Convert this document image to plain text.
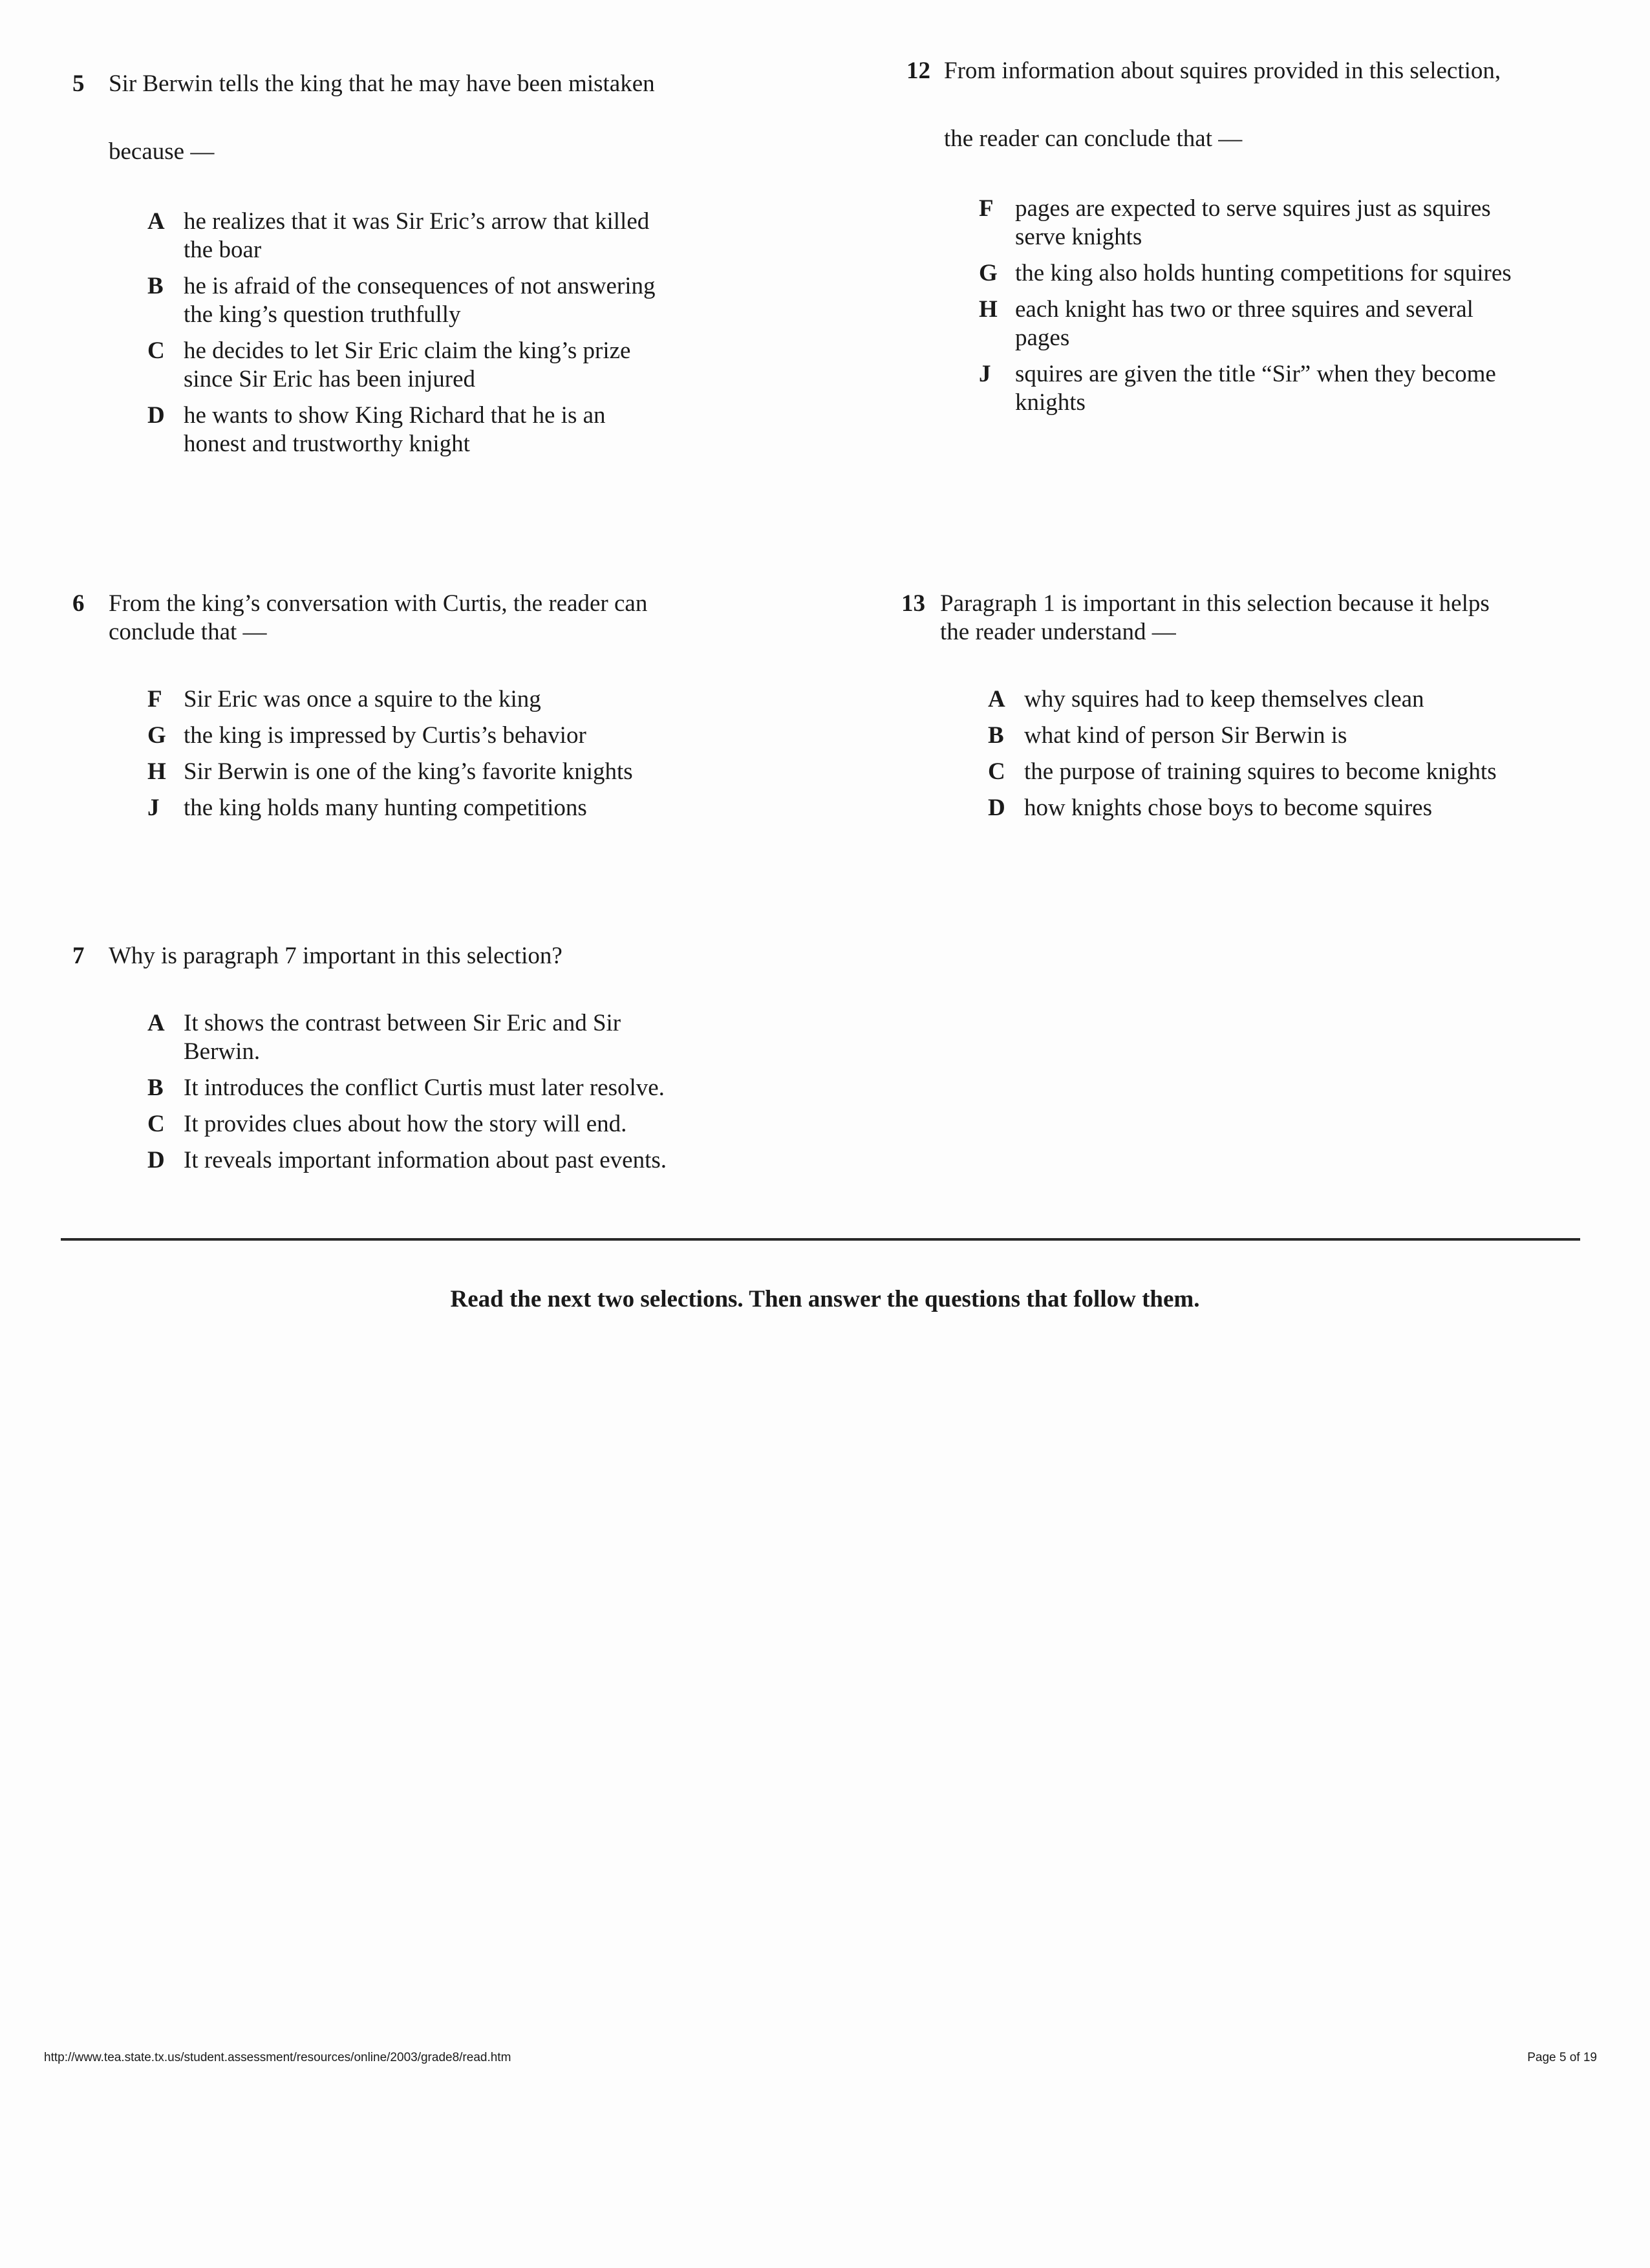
5 Sir Berwin tells the king that he may have been mistaken
because —
A he realizes that it was Sir Eric’s arrow that killed
the boar
B he is afraid of the consequences of not answering
the king’s question truthfully
C he decides to let Sir Eric claim the king’s prize
since Sir Eric has been injured
D he wants to show King Richard that he is an
honest and trustworthy knight
12 From information about squires provided in this selection,
the reader can conclude that —
F pages are expected to serve squires just as squires
serve knights
G the king also holds hunting competitions for squires
H each knight has two or three squires and several
pages
J squires are given the title “Sir” when they become
knights
6 From the king’s conversation with Curtis, the reader can
conclude that —
F Sir Eric was once a squire to the king
G the king is impressed by Curtis’s behavior
H Sir Berwin is one of the king’s favorite knights
J the king holds many hunting competitions
13 Paragraph 1 is important in this selection because it helps
the reader understand —
A why squires had to keep themselves clean
B what kind of person Sir Berwin is
C the purpose of training squires to become knights
D how knights chose boys to become squires
7 Why is paragraph 7 important in this selection?
A It shows the contrast between Sir Eric and Sir
Berwin.
B It introduces the conflict Curtis must later resolve.
C It provides clues about how the story will end.
D It reveals important information about past events.
Read the next two selections. Then answer the questions that follow them.
http://www.tea.state.tx.us/student.assessment/resources/online/2003/grade8/read.htm	Page 5 of 19
